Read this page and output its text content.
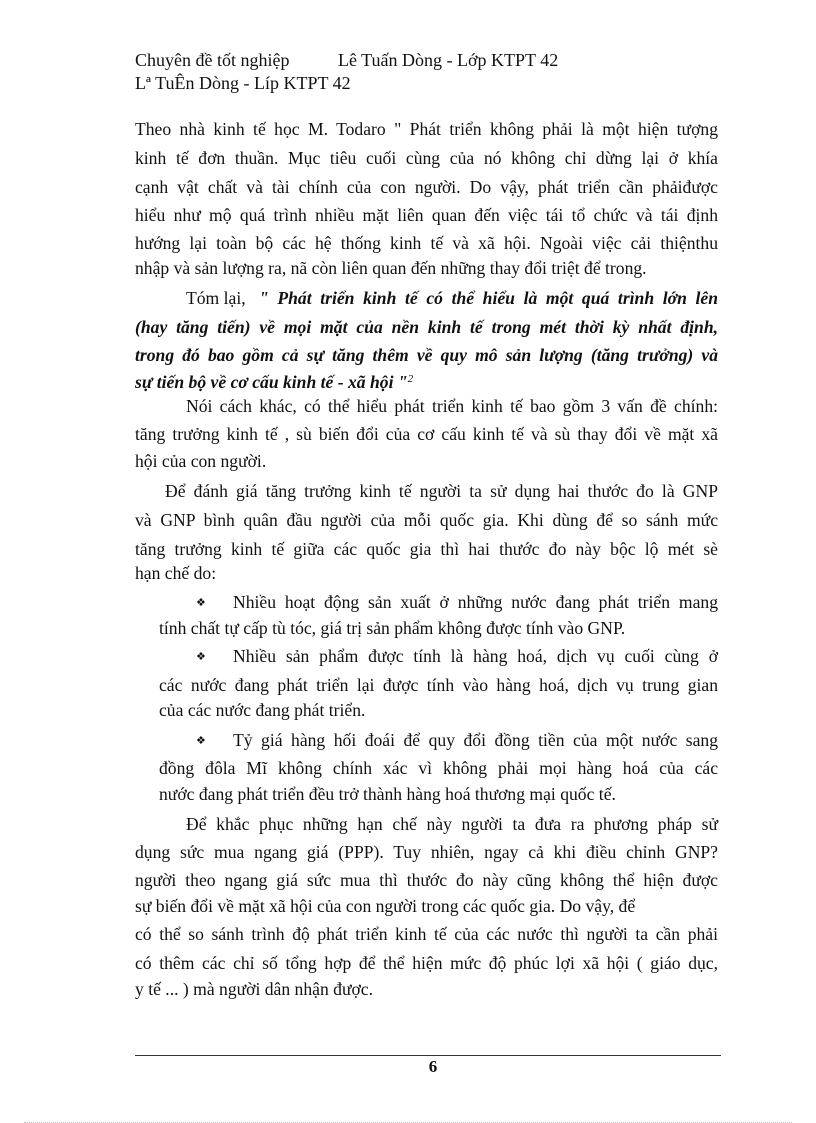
Chuyên đề tốt nghiệp	Lê Tuấn Dòng - Lớp KTPT 42
Lª TuÊn Dòng - Líp KTPT 42
Theo nhà kinh tế học M. Todaro " Phát triển không phải là một hiện tượng
kinh tế đơn thuần. Mục tiêu cuối cùng của nó không chỉ dừng lại ở khía
cạnh vật chất và tài chính của con người. Do vậy, phát triển cần phảiđược
hiểu như mộ quá trình nhiều mặt liên quan đến việc tái tổ chức và tái định
hướng lại toàn bộ các hệ thống kinh tế và xã hội. Ngoài việc cải thiệnthu
nhập và sản lượng ra, nã còn liên quan đến những thay đổi triệt để trong.
Tóm lại, " Phát triển kinh tế có thể hiểu là một quá trình lớn lên
(hay tăng tiến) về mọi mặt của nền kinh tế trong mét thời kỳ nhất định,
trong đó bao gồm cả sự tăng thêm về quy mô sản lượng (tăng trưởng) và
sự tiến bộ về cơ cấu kinh tế - xã hội "$^2$
Nói cách khác, có thể hiểu phát triển kinh tế bao gồm 3 vấn đề chính:
tăng trưởng kinh tế , sù biến đổi của cơ cấu kinh tế và sù thay đổi về mặt xã
hội của con người.
Để đánh giá tăng trưởng kinh tế người ta sử dụng hai thước đo là GNP
và GNP bình quân đầu người của mỗi quốc gia. Khi dùng để so sánh mức
tăng trưởng kinh tế giữa các quốc gia thì hai thước đo này bộc lộ mét sè
hạn chế do:
❖ Nhiều hoạt động sản xuất ở những nước đang phát triển mang
tính chất tự cấp tù tóc, giá trị sản phẩm không được tính vào GNP.
❖ Nhiều sản phẩm được tính là hàng hoá, dịch vụ cuối cùng ở
các nước đang phát triển lại được tính vào hàng hoá, dịch vụ trung gian
của các nước đang phát triển.
❖ Tỷ giá hàng hối đoái để quy đổi đồng tiền của một nước sang
đồng đôla Mĩ không chính xác vì không phải mọi hàng hoá của các
nước đang phát triển đều trở thành hàng hoá thương mại quốc tế.
Để khắc phục những hạn chế này người ta đưa ra phương pháp sử
dụng sức mua ngang giá (PPP). Tuy nhiên, ngay cả khi điều chỉnh GNP?
người theo ngang giá sức mua thì thước đo này cũng không thể hiện được
sự biến đổi về mặt xã hội của con người trong các quốc gia. Do vậy, để
có thể so sánh trình độ phát triển kinh tế của các nước thì người ta cần phải
có thêm các chỉ số tổng hợp để thể hiện mức độ phúc lợi xã hội ( giáo dục,
y tế ... ) mà người dân nhận được.
6
